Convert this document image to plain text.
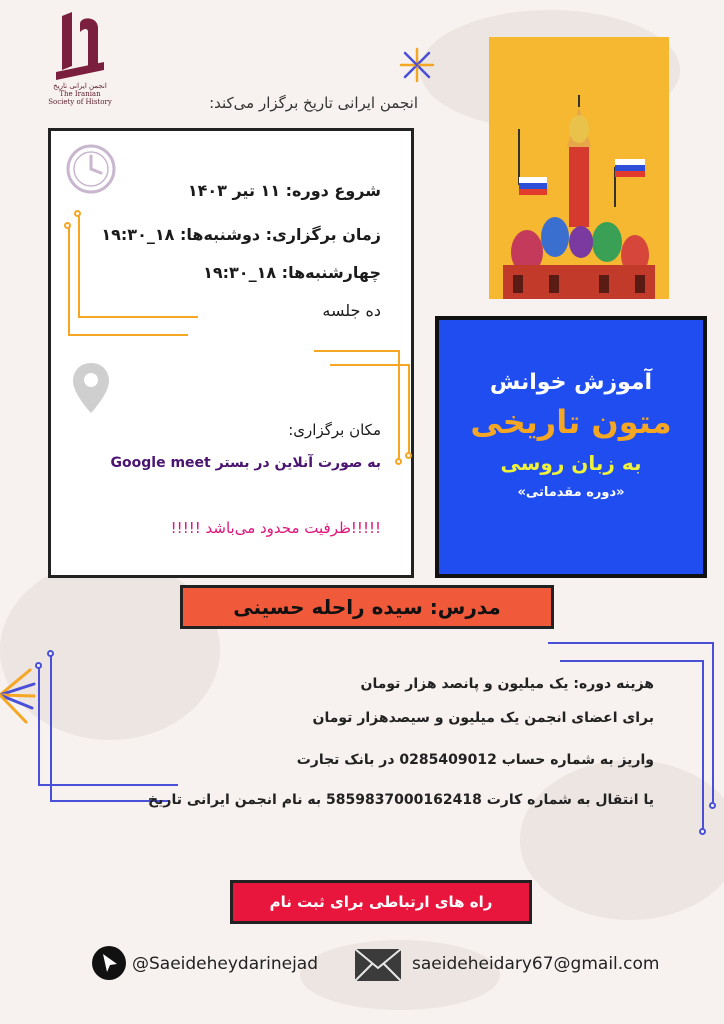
انجمن ایرانی تاریخ
The Iranian
Society of History	انجمن ایرانی تاریخ برگزار می‌کند:
شروع دوره: ۱۱ تیر ۱۴۰۳
زمان برگزاری: دوشنبه‌ها: ۱۸_۱۹:۳۰
چهارشنبه‌ها: ۱۸_۱۹:۳۰
ده جلسه
مکان برگزاری:
به صورت آنلاین در بستر Google meet
!!!!!ظرفیت محدود می‌باشد !!!!!
آموزش خوانش
متون تاریخی
به زبان روسی
«دوره مقدماتی»
مدرس: سیده راحله حسینی
هزینه دوره: یک میلیون و پانصد هزار تومان
برای اعضای انجمن یک میلیون و سیصدهزار تومان
واریز به شماره حساب 0285409012 در بانک تجارت
یا انتقال به شماره کارت 5859837000162418 به نام انجمن ایرانی تاریخ
راه های ارتباطی برای ثبت نام
@Saeideheydarinejad	saeideheidary67@gmail.com
